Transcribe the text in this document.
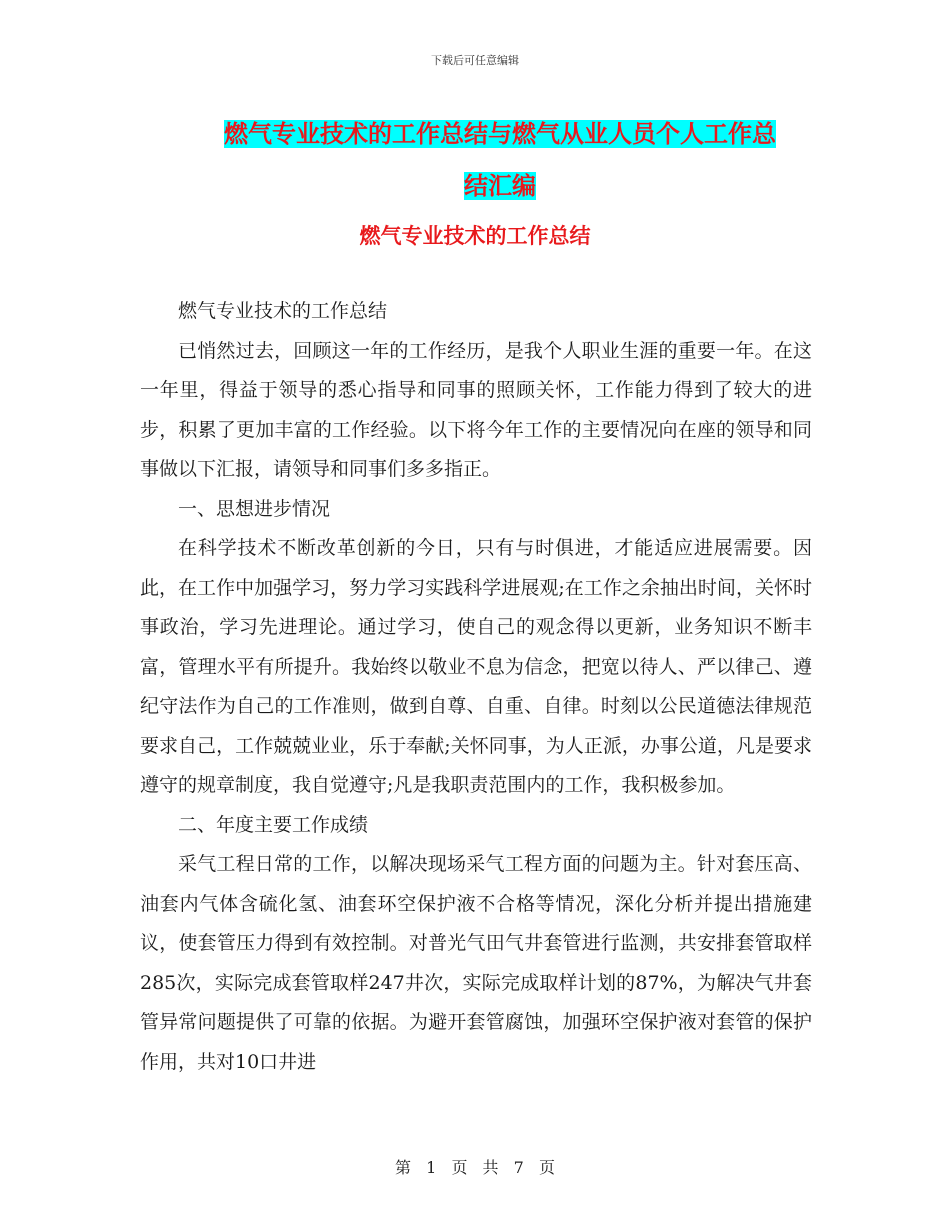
下载后可任意编辑
燃气专业技术的工作总结与燃气从业人员个人工作总
结汇编
燃气专业技术的工作总结

燃气专业技术的工作总结

已悄然过去，回顾这一年的工作经历，是我个人职业生涯的重要一年。在这一年里，得益于领导的悉心指导和同事的照顾关怀，工作能力得到了较大的进步，积累了更加丰富的工作经验。以下将今年工作的主要情况向在座的领导和同事做以下汇报，请领导和同事们多多指正。

一、思想进步情况

在科学技术不断改革创新的今日，只有与时俱进，才能适应进展需要。因此，在工作中加强学习，努力学习实践科学进展观;在工作之余抽出时间，关怀时事政治，学习先进理论。通过学习，使自己的观念得以更新，业务知识不断丰富，管理水平有所提升。我始终以敬业不息为信念，把宽以待人、严以律己、遵纪守法作为自己的工作准则，做到自尊、自重、自律。时刻以公民道德法律规范要求自己，工作兢兢业业，乐于奉献;关怀同事，为人正派，办事公道，凡是要求遵守的规章制度，我自觉遵守;凡是我职责范围内的工作，我积极参加。

二、年度主要工作成绩

采气工程日常的工作，以解决现场采气工程方面的问题为主。针对套压高、油套内气体含硫化氢、油套环空保护液不合格等情况，深化分析并提出措施建议，使套管压力得到有效控制。对普光气田气井套管进行监测，共安排套管取样285次，实际完成套管取样247井次，实际完成取样计划的87%，为解决气井套管异常问题提供了可靠的依据。为避开套管腐蚀，加强环空保护液对套管的保护作用，共对10口井进

第 1 页 共 7 页
